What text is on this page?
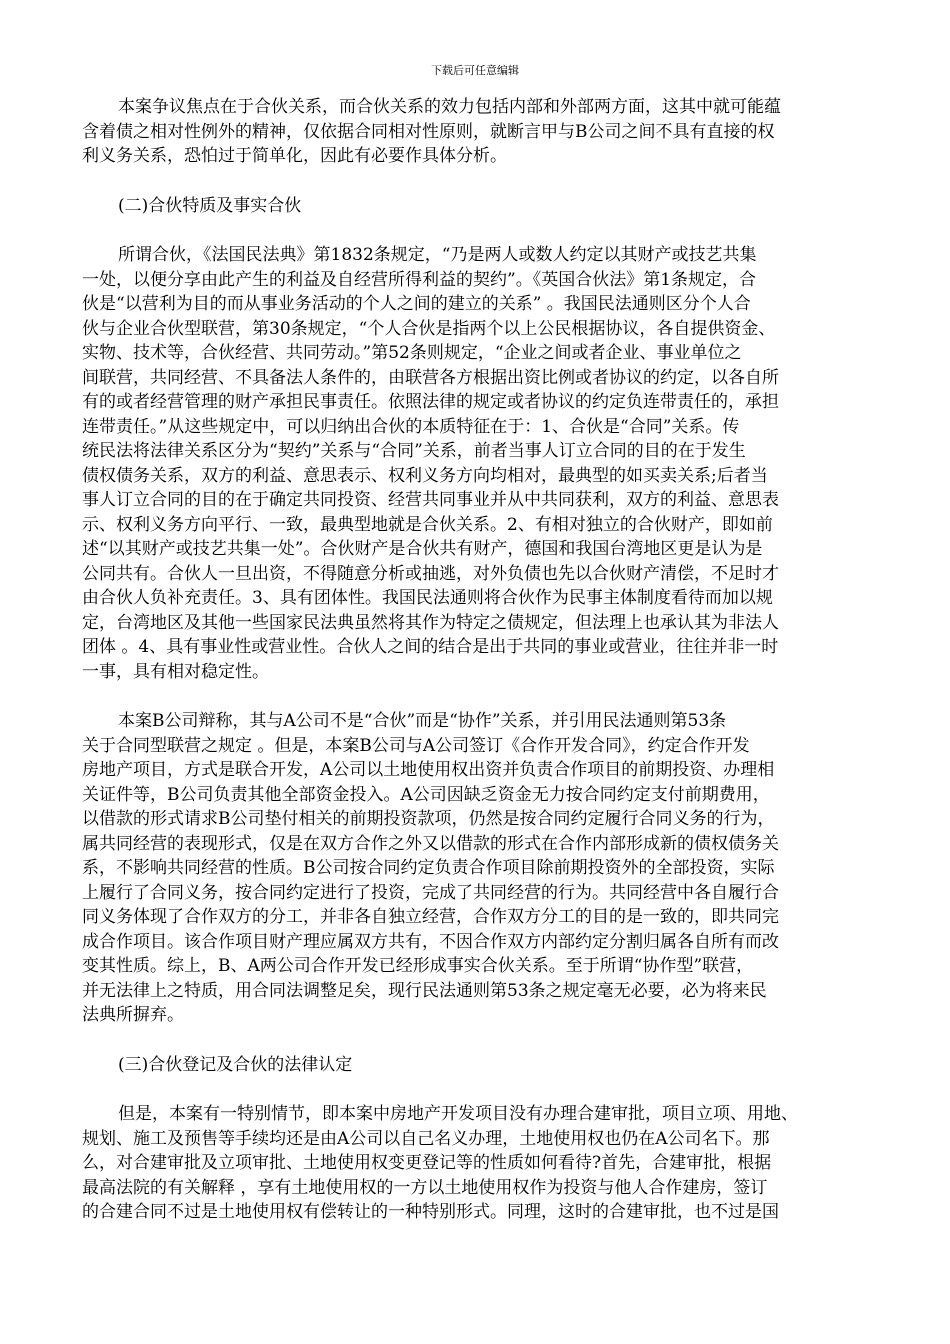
下载后可任意编辑
本案争议焦点在于合伙关系，而合伙关系的效力包括内部和外部两方面，这其中就可能蕴
含着债之相对性例外的精神，仅依据合同相对性原则，就断言甲与B公司之间不具有直接的权
利义务关系，恐怕过于简单化，因此有必要作具体分析。
(二)合伙特质及事实合伙
所谓合伙，《法国民法典》第1832条规定，“乃是两人或数人约定以其财产或技艺共集
一处，以便分享由此产生的利益及自经营所得利益的契约”。《英国合伙法》第1条规定，合
伙是“以营利为目的而从事业务活动的个人之间的建立的关系” 。我国民法通则区分个人合
伙与企业合伙型联营，第30条规定，“个人合伙是指两个以上公民根据协议，各自提供资金、
实物、技术等，合伙经营、共同劳动。”第52条则规定，“企业之间或者企业、事业单位之
间联营，共同经营、不具备法人条件的，由联营各方根据出资比例或者协议的约定，以各自所
有的或者经营管理的财产承担民事责任。依照法律的规定或者协议的约定负连带责任的，承担
连带责任。”从这些规定中，可以归纳出合伙的本质特征在于：1、合伙是“合同”关系。传
统民法将法律关系区分为“契约”关系与“合同”关系，前者当事人订立合同的目的在于发生
债权债务关系，双方的利益、意思表示、权利义务方向均相对，最典型的如买卖关系;后者当
事人订立合同的目的在于确定共同投资、经营共同事业并从中共同获利，双方的利益、意思表
示、权利义务方向平行、一致，最典型地就是合伙关系。2、有相对独立的合伙财产，即如前
述“以其财产或技艺共集一处”。合伙财产是合伙共有财产，德国和我国台湾地区更是认为是
公同共有。合伙人一旦出资，不得随意分析或抽逃，对外负债也先以合伙财产清偿，不足时才
由合伙人负补充责任。3、具有团体性。我国民法通则将合伙作为民事主体制度看待而加以规
定，台湾地区及其他一些国家民法典虽然将其作为特定之债规定，但法理上也承认其为非法人
团体 。4、具有事业性或营业性。合伙人之间的结合是出于共同的事业或营业，往往并非一时
一事，具有相对稳定性。
本案B公司辩称，其与A公司不是“合伙”而是“协作”关系，并引用民法通则第53条
关于合同型联营之规定 。但是，本案B公司与A公司签订《合作开发合同》，约定合作开发
房地产项目，方式是联合开发，A公司以土地使用权出资并负责合作项目的前期投资、办理相
关证件等，B公司负责其他全部资金投入。A公司因缺乏资金无力按合同约定支付前期费用，
以借款的形式请求B公司垫付相关的前期投资款项，仍然是按合同约定履行合同义务的行为，
属共同经营的表现形式，仅是在双方合作之外又以借款的形式在合作内部形成新的债权债务关
系，不影响共同经营的性质。B公司按合同约定负责合作项目除前期投资外的全部投资，实际
上履行了合同义务，按合同约定进行了投资，完成了共同经营的行为。共同经营中各自履行合
同义务体现了合作双方的分工，并非各自独立经营，合作双方分工的目的是一致的，即共同完
成合作项目。该合作项目财产理应属双方共有，不因合作双方内部约定分割归属各自所有而改
变其性质。综上，B、A两公司合作开发已经形成事实合伙关系。至于所谓“协作型”联营，
并无法律上之特质，用合同法调整足矣，现行民法通则第53条之规定毫无必要，必为将来民
法典所摒弃。
(三)合伙登记及合伙的法律认定
但是，本案有一特别情节，即本案中房地产开发项目没有办理合建审批，项目立项、用地、
规划、施工及预售等手续均还是由A公司以自己名义办理，土地使用权也仍在A公司名下。那
么，对合建审批及立项审批、土地使用权变更登记等的性质如何看待?首先，合建审批，根据
最高法院的有关解释 ，享有土地使用权的一方以土地使用权作为投资与他人合作建房，签订
的合建合同不过是土地使用权有偿转让的一种特别形式。同理，这时的合建审批，也不过是国
